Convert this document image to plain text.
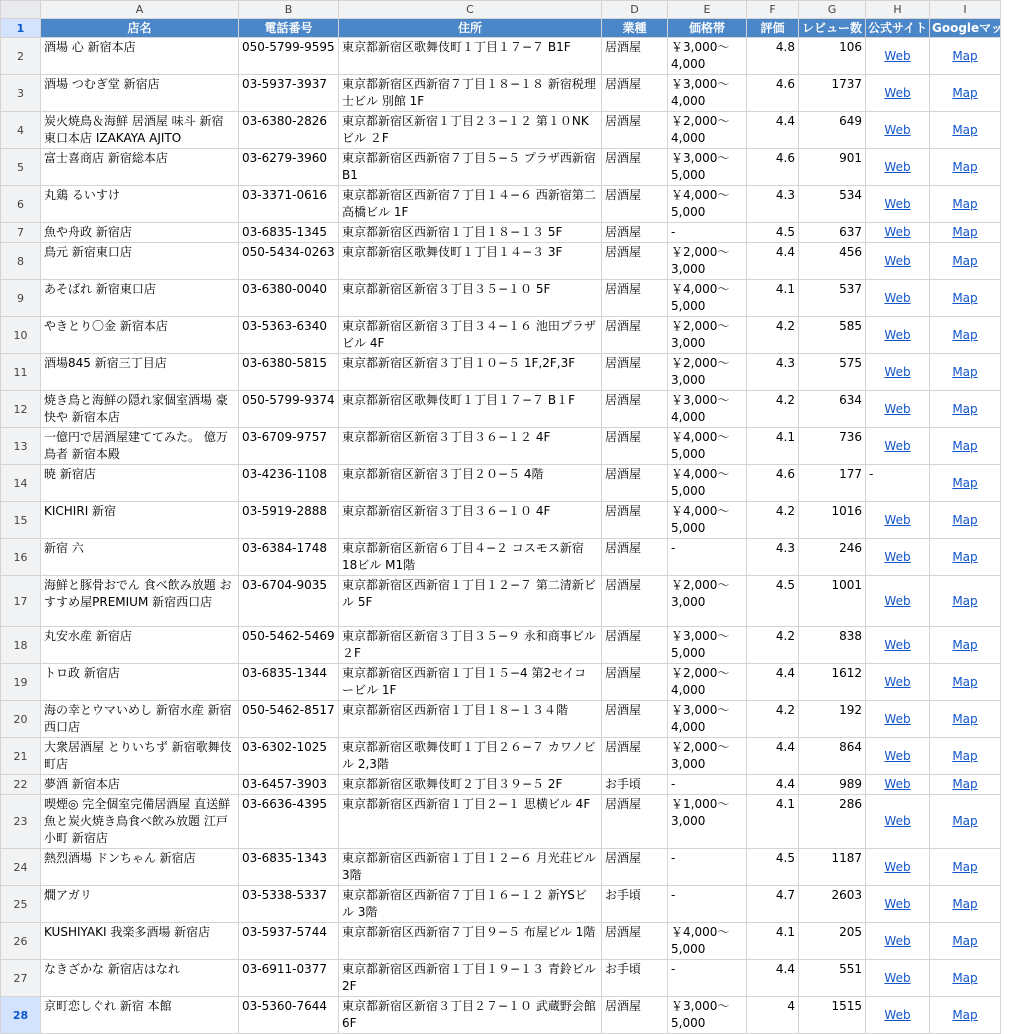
	A	B	C	D	E	F	G	H	I
1	店名	電話番号	住所	業種	価格帯	評価	レビュー数	公式サイト	Googleマップ
2	酒場 心 新宿本店	050-5799-9595	東京都新宿区歌舞伎町１丁目１７−７ B1F	居酒屋	￥3,000〜4,000	4.8	106	Web	Map
3	酒場 つむぎ堂 新宿店	03-5937-3937	東京都新宿区西新宿７丁目１８−１８ 新宿税理士ビル 別館 1F	居酒屋	￥3,000〜4,000	4.6	1737	Web	Map
4	炭火焼鳥＆海鮮 居酒屋 味斗 新宿東口本店 IZAKAYA AJITO	03-6380-2826	東京都新宿区新宿１丁目２３−１２ 第１０NKビル ２F	居酒屋	￥2,000〜4,000	4.4	649	Web	Map
5	富士喜商店 新宿総本店	03-6279-3960	東京都新宿区西新宿７丁目５−５ プラザ西新宿 B1	居酒屋	￥3,000〜5,000	4.6	901	Web	Map
6	丸鶏 るいすけ	03-3371-0616	東京都新宿区西新宿７丁目１４−６ 西新宿第二高橋ビル 1F	居酒屋	￥4,000〜5,000	4.3	534	Web	Map
7	魚や舟政 新宿店	03-6835-1345	東京都新宿区西新宿１丁目１８−１３ 5F	居酒屋	-	4.5	637	Web	Map
8	鳥元 新宿東口店	050-5434-0263	東京都新宿区歌舞伎町１丁目１４−３ 3F	居酒屋	￥2,000〜3,000	4.4	456	Web	Map
9	あそばれ 新宿東口店	03-6380-0040	東京都新宿区新宿３丁目３５−１０ 5F	居酒屋	￥4,000〜5,000	4.1	537	Web	Map
10	やきとり〇金 新宿本店	03-5363-6340	東京都新宿区新宿３丁目３４−１６ 池田プラザビル 4F	居酒屋	￥2,000〜3,000	4.2	585	Web	Map
11	酒場845 新宿三丁目店	03-6380-5815	東京都新宿区新宿３丁目１０−５ 1F,2F,3F	居酒屋	￥2,000〜3,000	4.3	575	Web	Map
12	焼き鳥と海鮮の隠れ家個室酒場 豪快や 新宿本店	050-5799-9374	東京都新宿区歌舞伎町１丁目１７−７ B１F	居酒屋	￥3,000〜4,000	4.2	634	Web	Map
13	一億円で居酒屋建ててみた。 億万鳥者 新宿本殿	03-6709-9757	東京都新宿区新宿３丁目３６−１２ 4F	居酒屋	￥4,000〜5,000	4.1	736	Web	Map
14	暁 新宿店	03-4236-1108	東京都新宿区新宿３丁目２０−５ 4階	居酒屋	￥4,000〜5,000	4.6	177	-	Map
15	KICHIRI 新宿	03-5919-2888	東京都新宿区新宿３丁目３６−１０ 4F	居酒屋	￥4,000〜5,000	4.2	1016	Web	Map
16	新宿 六	03-6384-1748	東京都新宿区新宿６丁目４−２ コスモス新宿18ビル M1階	居酒屋	-	4.3	246	Web	Map
17	海鮮と豚骨おでん 食べ飲み放題 おすすめ屋PREMIUM 新宿西口店	03-6704-9035	東京都新宿区西新宿１丁目１２−７ 第二清新ビル 5F	居酒屋	￥2,000〜3,000	4.5	1001	Web	Map
18	丸安水産 新宿店	050-5462-5469	東京都新宿区新宿３丁目３５−９ 永和商事ビル２F	居酒屋	￥3,000〜5,000	4.2	838	Web	Map
19	トロ政 新宿店	03-6835-1344	東京都新宿区西新宿１丁目１５−4 第2セイコービル 1F	居酒屋	￥2,000〜4,000	4.4	1612	Web	Map
20	海の幸とウマいめし 新宿水産 新宿西口店	050-5462-8517	東京都新宿区西新宿１丁目１８−１３４階	居酒屋	￥3,000〜4,000	4.2	192	Web	Map
21	大衆居酒屋 とりいちず 新宿歌舞伎町店	03-6302-1025	東京都新宿区歌舞伎町１丁目２６−７ カワノビル 2,3階	居酒屋	￥2,000〜3,000	4.4	864	Web	Map
22	夢酒 新宿本店	03-6457-3903	東京都新宿区歌舞伎町２丁目３９−５ 2F	お手頃	-	4.4	989	Web	Map
23	喫煙◎ 完全個室完備居酒屋 直送鮮魚と炭火焼き鳥食べ飲み放題 江戸小町 新宿店	03-6636-4395	東京都新宿区西新宿１丁目２−１ 思横ビル 4F	居酒屋	￥1,000〜3,000	4.1	286	Web	Map
24	熱烈酒場 ドンちゃん 新宿店	03-6835-1343	東京都新宿区西新宿１丁目１２−６ 月光荘ビル 3階	居酒屋	-	4.5	1187	Web	Map
25	燗アガリ	03-5338-5337	東京都新宿区西新宿７丁目１６−１２ 新YSビル 3階	お手頃	-	4.7	2603	Web	Map
26	KUSHIYAKI 我楽多酒場 新宿店	03-5937-5744	東京都新宿区西新宿７丁目９−５ 布屋ビル 1階	居酒屋	￥4,000〜5,000	4.1	205	Web	Map
27	なきざかな 新宿店はなれ	03-6911-0377	東京都新宿区西新宿１丁目１９−１３ 青鈴ビル 2F	お手頃	-	4.4	551	Web	Map
28	京町恋しぐれ 新宿 本館	03-5360-7644	東京都新宿区新宿３丁目２７−１０ 武蔵野会館 6F	居酒屋	￥3,000〜5,000	4	1515	Web	Map
